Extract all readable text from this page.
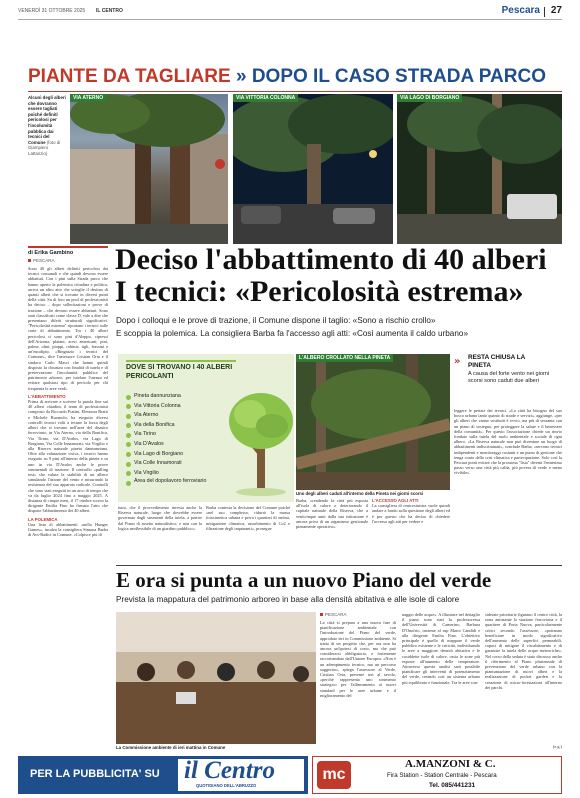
VENERDÌ 31 OTTOBRE 2025 IL CENTRO	Pescara 27
PIANTE DA TAGLIARE » DOPO IL CASO STRADA PARCO
Alcuni degli alberi che dovranno essere tagliati poiché definiti pericolosi per l'incolumità pubblica dai tecnici del Comune (foto di Giampiero Lattanzio)
VIA ATERNO	VIA VITTORIA COLONNA	VIA LAGO DI BORGIANO
di Erika Gambino
PESCARA

Sono 40 gli alberi definiti pericolosi dai tecnici comunali e che quindi devono essere abbattuti. Con i pini sulla Strada parco che hanno aperto la polemica cittadina e politica, arriva un altro atto che scioglie il destino di quanti alberi che si trovano in diversi punti della città. Su di loro un pool di professionisti ha deciso – dopo sollecitazioni e prove di trazione – che devono essere abbattuti. Sono stati classificati come classe D, vale a dire che presentano difetti strutturali significativi. "Pericolosità estrema" riportano i tecnici sulle carte di abbattimento. Tra i 40 alberi pericolosi ci sono pini d'Aleppo, cipressi dell'Arizona, platani, aceri americani, pini, palme, olmi, pioppi, robinie, tigli, frassini e un'eucalipto. «Ringrazio i tecnici del Comune», dice l'assessore Cristian Orta e il sindaco Carlo Masci che hanno quindi disposto la chiusura con finalità di tutela e di preservazione l'incolumità pubblica del patrimonio arboreo, per tutelare l'utenza ed evitare qualsiasi tipo di pericolo per chi frequenta le aree verdi.

L'ABBATTIMENTO

Prima di arrivare a scrivere la parola fine sui 40 alberi cittadini, il team di professionisti composto da Riccardo Fratini, Eleonora Bratti e Michele Ruomolo, ha eseguito diversi controlli tecnici volti a testare la forza degli alberi che si trovano nell'area del disastro ferroviario, in Via Aterno, via della Bonifica, Via Tirino, via D'Avalos, via Lago di Borgiano, Via Colle Innamorati, via Virgilio e alla Riserva naturale pineta dannunziana. Oltre alla valutazione visiva, i tecnici hanno eseguito su 9 pini all'interno della pineta e su uno in via D'Avalos anche le prove strumentali di trazione. Il controllo «pulling test» che valuta la stabilità di un albero simulando l'azione del vento e misurando la resistenza del suo apparato radicale. Controlli che sono stati eseguiti in un arco di tempo che va da luglio 2024 fino a maggio 2025. A distanza di cinque mesi, il 17 ottobre scorso la dirigente Emilia Fino ha firmato l'atto che dispone l'abbattimento dei 40 alberi.

LA POLEMICA

Una lista di abbattimenti «nella Hunger Games», incalza la consigliera Simona Barba di Avs-Radici in Comune. «Colpisce più di

Deciso l'abbattimento di 40 alberi
I tecnici: «Pericolosità estrema»
Dopo i colloqui e le prove di trazione, il Comune dispone il taglio: «Sono a rischio crollo»
E scoppia la polemica. La consigliera Barba fa l'accesso agli atti: «Così aumenta il caldo urbano»
DOVE SI TROVANO I 40 ALBERI PERICOLANTI
Pineta dannunziana
Via Vittoria Colonna
Via Aterno
Via della Bonifica
Via Tirino
Via D'Avalos
Via Lago di Borgiano
Via Colle Innamorati
Via Virgilio
Area del dopolavoro ferroviario

tutto, che il provvedimento investa anche la Riserva naturale, luogo che dovrebbe essere governato dagli strumenti della tutela, a partire dal Piano di assetto naturalistico, e non con la logica neoflessibile di un giardino pubblico».

Barba contesta la decisione del Comune poiché «nel suo complesso, ridurrà la massa fotosintetica urbana e priva i quartieri di ombra, mitigazione climatica, assorbimento di Co2 e filtrazione degli inquinanti», prosegue

L'ALBERO CROLLATO NELLA PINETA
Uno degli alberi caduti all'interno della Pineta nei giorni scorsi

Barba, «rendendo la città più esposta all'isola di calore e deteriorando il capitale naturale della Riserva, che a venticinque anni dalla sua istituzione è ancora priva di un organismo gestionale pienamente operativo».

L'ACCESSO AGLI ATTI

La consigliera di centrosinistra vuole quindi andare a fondo sulla questione degli alberi ed è per questo che ha deciso di chiedere l'accesso agli atti per vedere e

» RESTA CHIUSA LA PINETA
A causa del forte vento nei giorni scorsi sono caduti due alberi

leggere le perizie dei tecnici. «La città ha bisogno del suo bosco urbano tanto quanto di strade e servizi», aggiunge, «per gli alberi che vanno sostituiti è ovvio, ma più di sessanta con un piano di sostegno, per proteggere la salute e il benessere della comunità». Per questo l'associazione chiede un rinvio fondato sulla tutela del ruolo ambientale e sociale di ogni albero. «La Riserva naturale non può diventare un luogo di abbattimenti indiscriminati», conclude Barba, «servono tecnici indipendenti e monitoraggi costanti e un piano di gestione che tenga conto della crisi climatica e partecipazione. Solo così la Pescara potrà evitare che la prossima "lista" diventi l'ennesimo passo verso una città più calda, più povera di verde e meno vivibile».

E ora si punta a un nuovo Piano del verde
Prevista la mappatura del patrimonio arboreo in base alla densità abitativa e alle isole di calore
La Commissione ambiente di ieri mattina in Comune
PESCARA

La città si prepara a una nuova fase di pianificazione ambientale con l'introduzione del Piano del verde, approdato ieri in Commissione ambiente. Si tratta di un progetto che, per ora non ha ancora un'ipotesi di costo, ma che può considerarsi obbligatorio, e fortemente raccomandato dall'Unione Europea. «Non è un adempimento tecnico, ma un percorso suggerito», spiega l'assessore al Verde, Cristian Orta, presente ieri al tavolo, «perché rappresenta uno strumento strategico per l'allineamento ai nuovi standard per le aree urbane e il miglioramento del

naggio delle acque». A illustrare nel dettaglio il piano sono stati la professoressa dell'Università di Camerino, Barbara D'Onofrio, insieme al rup Mario Candidi e alla dirigente Emilia Fino. L'obiettivo principale è quello di mappare il verde pubblico esistente e le criticità, individuando le aree a maggiore densità abitativa e le cosiddette isole di calore, ossia le zone più esposte all'aumento delle temperature. Attraverso questa analisi sarà possibile pianificare gli interventi di potenziamento del verde, creando così un sistema urbano più equilibrato e funzionale. Tra le aree con-

siderate prioritarie figurano il centro città, la zona antistante la stazione ferroviaria e il quartiere di Porta Nuova, particolarmente critici secondo l'assessore, «potranno beneficiare in modo significativo dell'aumento delle superfici permeabili, capaci di mitigare il riscaldamento e di garantire la tutela delle acque meteoriche». Nel corso della seduta è stato discusso anche il riferimento al Piano pluriennale di prevenzione del verde urbano con la piantumazione di nuovi alberi e la realizzazione di pocket garden e la creazione di micro-forestazioni all'interno dei parchi.

(e.g.)
PER LA PUBBLICITA' SU il Centro
QUOTIDIANO DELL'ABRUZZO
mc
A.MANZONI & C.
Fira Station - Station Centrale - Pescara
Tel. 085/441231
